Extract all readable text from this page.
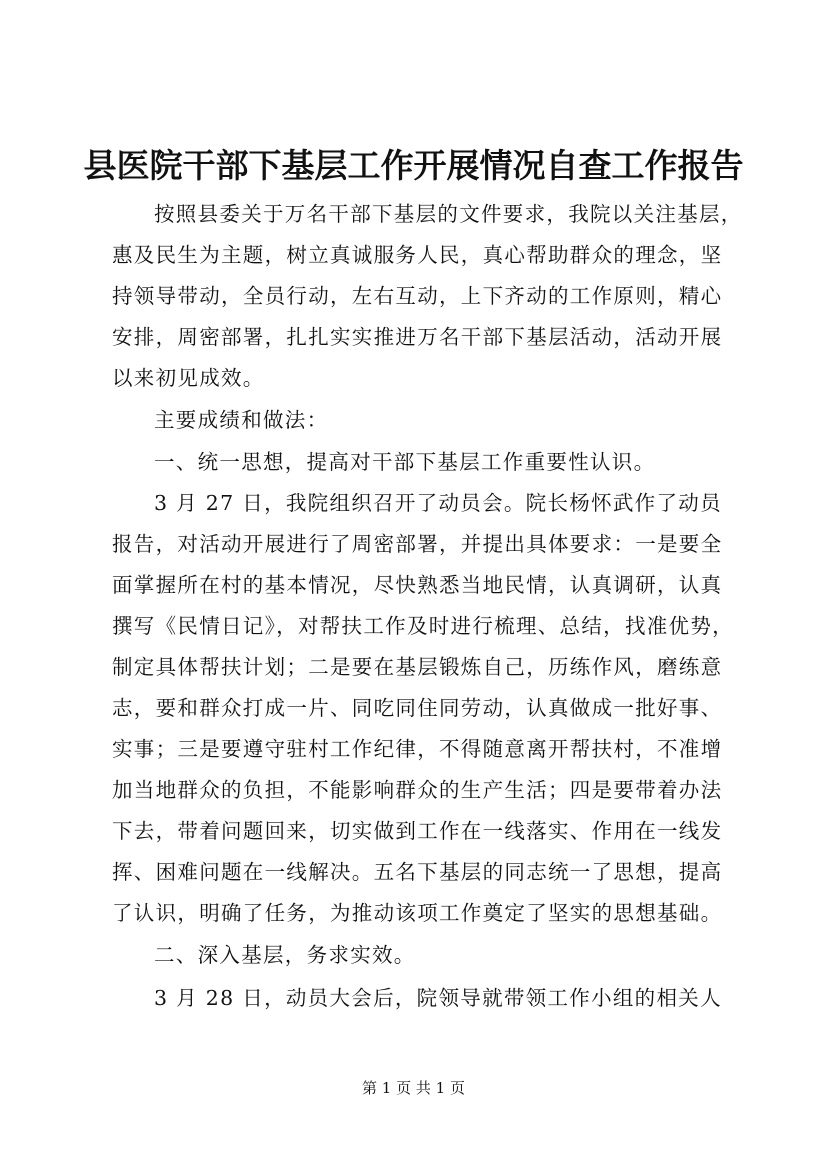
县医院干部下基层工作开展情况自查工作报告
按照县委关于万名干部下基层的文件要求，我院以关注基层，
惠及民生为主题，树立真诚服务人民，真心帮助群众的理念，坚
持领导带动，全员行动，左右互动，上下齐动的工作原则，精心
安排，周密部署，扎扎实实推进万名干部下基层活动，活动开展
以来初见成效。
主要成绩和做法：
一、统一思想，提高对干部下基层工作重要性认识。
3 月 27 日，我院组织召开了动员会。院长杨怀武作了动员
报告，对活动开展进行了周密部署，并提出具体要求：一是要全
面掌握所在村的基本情况，尽快熟悉当地民情，认真调研，认真
撰写《民情日记》，对帮扶工作及时进行梳理、总结，找准优势，
制定具体帮扶计划；二是要在基层锻炼自己，历练作风，磨练意
志，要和群众打成一片、同吃同住同劳动，认真做成一批好事、
实事；三是要遵守驻村工作纪律，不得随意离开帮扶村，不准增
加当地群众的负担，不能影响群众的生产生活；四是要带着办法
下去，带着问题回来，切实做到工作在一线落实、作用在一线发
挥、困难问题在一线解决。五名下基层的同志统一了思想，提高
了认识，明确了任务，为推动该项工作奠定了坚实的思想基础。
二、深入基层，务求实效。
3 月 28 日，动员大会后，院领导就带领工作小组的相关人
第 1 页 共 1 页
